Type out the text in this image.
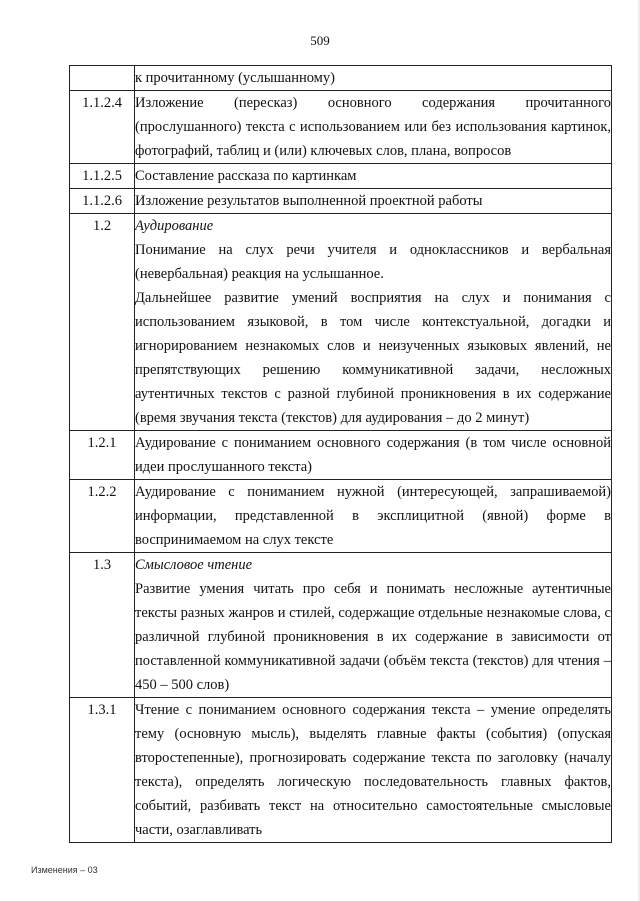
509

	к прочитанному (услышанному)

1.1.2.4	Изложение (пересказ) основного содержания прочитанного (прослушанного) текста с использованием или без использования картинок, фотографий, таблиц и (или) ключевых слов, плана, вопросов

1.1.2.5	Составление рассказа по картинкам

1.1.2.6	Изложение результатов выполненной проектной работы

1.2	Аудирование

Понимание на слух речи учителя и одноклассников и вербальная (невербальная) реакция на услышанное.

Дальнейшее развитие умений восприятия на слух и понимания с использованием языковой, в том числе контекстуальной, догадки и игнорированием незнакомых слов и неизученных языковых явлений, не препятствующих решению коммуникативной задачи, несложных аутентичных текстов с разной глубиной проникновения в их содержание (время звучания текста (текстов) для аудирования – до 2 минут)

1.2.1	Аудирование с пониманием основного содержания (в том числе основной идеи прослушанного текста)

1.2.2	Аудирование с пониманием нужной (интересующей, запрашиваемой) информации, представленной в эксплицитной (явной) форме в воспринимаемом на слух тексте

1.3	Смысловое чтение

Развитие умения читать про себя и понимать несложные аутентичные тексты разных жанров и стилей, содержащие отдельные незнакомые слова, с различной глубиной проникновения в их содержание в зависимости от поставленной коммуникативной задачи (объём текста (текстов) для чтения – 450 – 500 слов)

1.3.1	Чтение с пониманием основного содержания текста – умение определять тему (основную мысль), выделять главные факты (события) (опуская второстепенные), прогнозировать содержание текста по заголовку (началу текста), определять логическую последовательность главных фактов, событий, разбивать текст на относительно самостоятельные смысловые части, озаглавливать

Изменения – 03
